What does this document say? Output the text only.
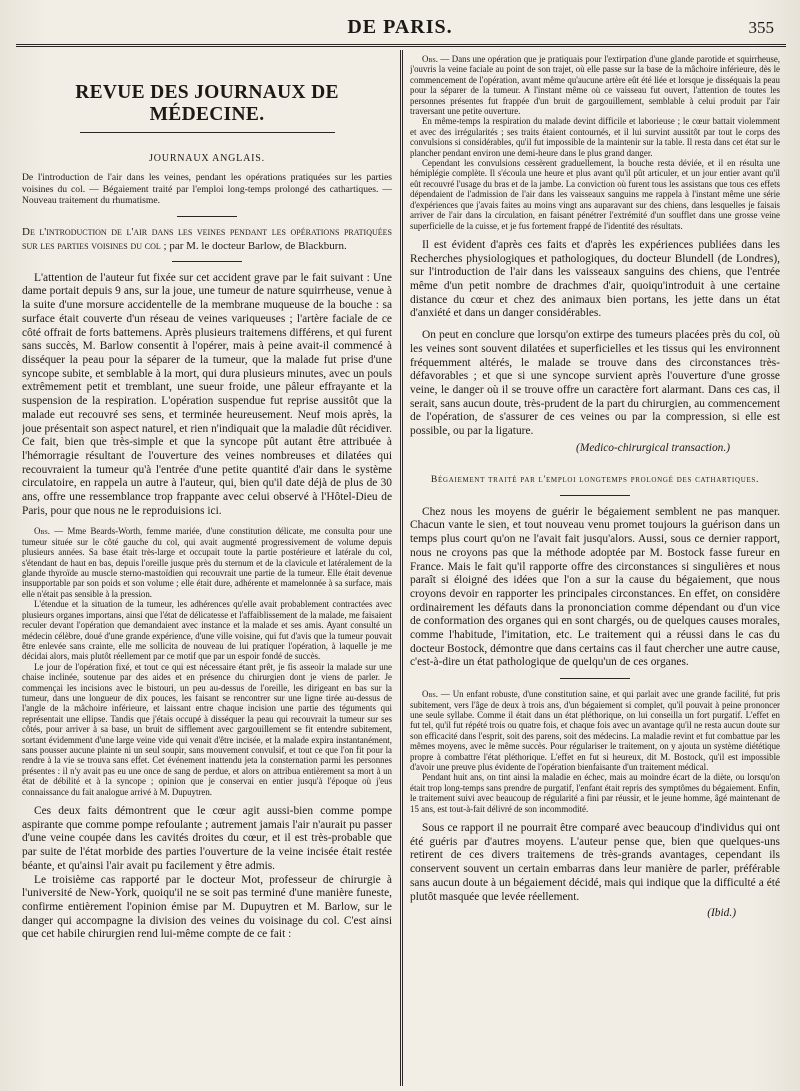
DE PARIS.	355
REVUE DES JOURNAUX DE MÉDECINE.
JOURNAUX ANGLAIS.

De l'introduction de l'air dans les veines, pendant les opérations pratiquées sur les parties voisines du col. — Bégaiement traité par l'emploi long-temps prolongé des cathartiques. — Nouveau traitement du rhumatisme.

De l'introduction de l'air dans les veines pendant les opérations pratiquées sur les parties voisines du col ; par M. le docteur Barlow, de Blackburn.

L'attention de l'auteur fut fixée sur cet accident grave par le fait suivant : Une dame portait depuis 9 ans, sur la joue, une tumeur de nature squirrheuse, venue à la suite d'une morsure accidentelle de la membrane muqueuse de la bouche : sa surface était couverte d'un réseau de veines variqueuses ; l'artère faciale de ce côté offrait de forts battemens. Après plusieurs traitemens différens, et qui furent sans succès, M. Barlow consentit à l'opérer, mais à peine avait-il commencé à disséquer la peau pour la séparer de la tumeur, que la malade fut prise d'une syncope subite, et semblable à la mort, qui dura plusieurs minutes, avec un pouls extrêmement petit et tremblant, une sueur froide, une pâleur effrayante et la suspension de la respiration. L'opération suspendue fut reprise aussitôt que la malade eut recouvré ses sens, et terminée heureusement. Neuf mois après, la joue présentait son aspect naturel, et rien n'indiquait que la maladie dût récidiver. Ce fait, bien que très-simple et que la syncope pût autant être attribuée à l'hémorragie résultant de l'ouverture des veines nombreuses et dilatées qui recouvraient la tumeur qu'à l'entrée d'une petite quantité d'air dans le système circulatoire, en rappela un autre à l'auteur, qui, bien qu'il date déjà de plus de 30 ans, offre une ressemblance trop frappante avec celui observé à l'Hôtel-Dieu de Paris, pour que nous ne le reproduisions ici.

Obs. — Mme Beards-Worth, femme mariée, d'une constitution délicate, me consulta pour une tumeur située sur le côté gauche du col, qui avait augmenté progressivement de volume depuis plusieurs années. Sa base était très-large et occupait toute la partie postérieure et latérale du col, s'étendant de haut en bas, depuis l'oreille jusque près du sternum et de la clavicule et latéralement de la glande thyroïde au muscle sterno-mastoïdien qui recouvrait une partie de la tumeur. Elle était devenue insupportable par son poids et son volume ; elle était dure, adhérente et mamelonnée à sa surface, mais elle n'était pas sensible à la pression.

L'étendue et la situation de la tumeur, les adhérences qu'elle avait probablement contractées avec plusieurs organes importans, ainsi que l'état de délicatesse et l'affaiblissement de la malade, me faisaient reculer devant l'opération que demandaient avec instance et la malade et ses amis. Ayant consulté un médecin célèbre, doué d'une grande expérience, d'une ville voisine, qui fut d'avis que la tumeur pouvait être enlevée sans crainte, elle me sollicita de nouveau de lui pratiquer l'opération, à laquelle je me décidai alors, mais plutôt réellement par ce motif que par un espoir fondé de succès.

Le jour de l'opération fixé, et tout ce qui est nécessaire étant prêt, je fis asseoir la malade sur une chaise inclinée, soutenue par des aides et en présence du chirurgien dont je viens de parler. Je commençai les incisions avec le bistouri, un peu au-dessus de l'oreille, les dirigeant en bas sur la tumeur, dans une longueur de dix pouces, les faisant se rencontrer sur une ligne tirée au-dessus de l'angle de la mâchoire inférieure, et laissant entre chaque incision une partie des téguments qui représentait une ellipse. Tandis que j'étais occupé à disséquer la peau qui recouvrait la tumeur sur ses côtés, pour arriver à sa base, un bruit de sifflement avec gargouillement se fit entendre subitement, sortant évidemment d'une large veine vide qui venait d'être incisée, et la malade expira instantanément, sans pousser aucune plainte ni un seul soupir, sans mouvement convulsif, et tout ce que l'on fit pour la rendre à la vie se trouva sans effet. Cet événement inattendu jeta la consternation parmi les personnes présentes : il n'y avait pas eu une once de sang de perdue, et alors on attribua entièrement sa mort à un état de débilité et à la syncope ; opinion que je conservai en entier jusqu'à l'époque où j'eus connaissance du fait analogue arrivé à M. Dupuytren.

Ces deux faits démontrent que le cœur agit aussi-bien comme pompe aspirante que comme pompe refoulante ; autrement jamais l'air n'aurait pu passer d'une veine coupée dans les cavités droites du cœur, et il est très-probable que par suite de l'état morbide des parties l'ouverture de la veine incisée était restée béante, et qu'ainsi l'air avait pu facilement y être admis.

Le troisième cas rapporté par le docteur Mot, professeur de chirurgie à l'université de New-York, quoiqu'il ne se soit pas terminé d'une manière funeste, confirme entièrement l'opinion émise par M. Dupuytren et M. Barlow, sur le danger qui accompagne la division des veines du voisinage du col. C'est ainsi que cet habile chirurgien rend lui-même compte de ce fait :

Obs. — Dans une opération que je pratiquais pour l'extirpation d'une glande parotide et squirrheuse, j'ouvris la veine faciale au point de son trajet, où elle passe sur la base de la mâchoire inférieure, dès le commencement de l'opération, avant même qu'aucune artère eût été liée et lorsque je disséquais la peau pour la séparer de la tumeur. A l'instant même où ce vaisseau fut ouvert, l'attention de toutes les personnes présentes fut frappée d'un bruit de gargouillement, semblable à celui produit par l'air traversant une petite ouverture.

En même-temps la respiration du malade devint difficile et laborieuse ; le cœur battait violemment et avec des irrégularités ; ses traits étaient contournés, et il lui survint aussitôt par tout le corps des convulsions si considérables, qu'il fut impossible de la maintenir sur la table. Il resta dans cet état sur le plancher pendant environ une demi-heure dans le plus grand danger.

Cependant les convulsions cessèrent graduellement, la bouche resta déviée, et il en résulta une hémiplégie complète. Il s'écoula une heure et plus avant qu'il pût articuler, et un jour entier avant qu'il eût recouvré l'usage du bras et de la jambe. La conviction où furent tous les assistans que tous ces effets dépendaient de l'admission de l'air dans les vaisseaux sanguins me rappela à l'instant même une série d'expériences que j'avais faites au moins vingt ans auparavant sur des chiens, dans lesquelles je faisais arriver de l'air dans la circulation, en faisant pénétrer l'extrémité d'un soufflet dans une grosse veine superficielle de la cuisse, et je fus fortement frappé de l'identité des résultats.

Il est évident d'après ces faits et d'après les expériences publiées dans les Recherches physiologiques et pathologiques, du docteur Blundell (de Londres), sur l'introduction de l'air dans les vaisseaux sanguins des chiens, que l'entrée même d'un petit nombre de drachmes d'air, quoiqu'introduit à une certaine distance du cœur et chez des animaux bien portans, les jette dans un état d'anxiété et dans un danger considérables.

On peut en conclure que lorsqu'on extirpe des tumeurs placées près du col, où les veines sont souvent dilatées et superficielles et les tissus qui les environnent fréquemment altérés, le malade se trouve dans des circonstances très-défavorables ; et que si une syncope survient après l'ouverture d'une grosse veine, le danger où il se trouve offre un caractère fort alarmant. Dans ces cas, il serait, sans aucun doute, très-prudent de la part du chirurgien, au commencement de l'opération, de s'assurer de ces veines ou par la compression, si elle est possible, ou par la ligature.

(Medico-chirurgical transaction.)

Bégaiement traité par l'emploi longtemps prolongé des cathartiques.

Chez nous les moyens de guérir le bégaiement semblent ne pas manquer. Chacun vante le sien, et tout nouveau venu promet toujours la guérison dans un temps plus court qu'on ne l'avait fait jusqu'alors. Aussi, sous ce dernier rapport, nous ne croyons pas que la méthode adoptée par M. Bostock fasse fureur en France. Mais le fait qu'il rapporte offre des circonstances si singulières et nous paraît si éloigné des idées que l'on a sur la cause du bégaiement, que nous croyons devoir en rapporter les principales circonstances. En effet, on considère ordinairement les défauts dans la prononciation comme dépendant ou d'un vice de conformation des organes qui en sont chargés, ou de quelques causes morales, comme l'habitude, l'imitation, etc. Le traitement qui a réussi dans le cas du docteur Bostock, démontre que dans certains cas il faut chercher une autre cause, c'est-à-dire un état pathologique de quelqu'un de ces organes.

Obs. — Un enfant robuste, d'une constitution saine, et qui parlait avec une grande facilité, fut pris subitement, vers l'âge de deux à trois ans, d'un bégaiement si complet, qu'il pouvait à peine prononcer une seule syllabe. Comme il était dans un état pléthorique, on lui conseilla un fort purgatif. L'effet en fut tel, qu'il fut répété trois ou quatre fois, et chaque fois avec un avantage qu'il ne resta aucun doute sur son efficacité dans l'esprit, soit des parens, soit des médecins. La maladie revint et fut combattue par les mêmes moyens, avec le même succès. Pour régulariser le traitement, on y ajouta un système diététique propre à combattre l'état pléthorique. L'effet en fut si heureux, dit M. Bostock, qu'il est impossible d'avoir une preuve plus évidente de l'opération bienfaisante d'un traitement médical.

Pendant huit ans, on tint ainsi la maladie en échec, mais au moindre écart de la diète, ou lorsqu'on était trop long-temps sans prendre de purgatif, l'enfant était repris des symptômes du bégaiement. Enfin, le traitement suivi avec beaucoup de régularité a fini par réussir, et le jeune homme, âgé maintenant de 15 ans, est tout-à-fait délivré de son incommodité.

Sous ce rapport il ne pourrait être comparé avec beaucoup d'individus qui ont été guéris par d'autres moyens. L'auteur pense que, bien que quelques-uns retirent de ces divers traitemens de très-grands avantages, cependant ils conservent souvent un certain embarras dans leur manière de parler, préférable sans aucun doute à un bégaiement décidé, mais qui indique que la difficulté a été plutôt masquée que levée réellement.

(Ibid.)
